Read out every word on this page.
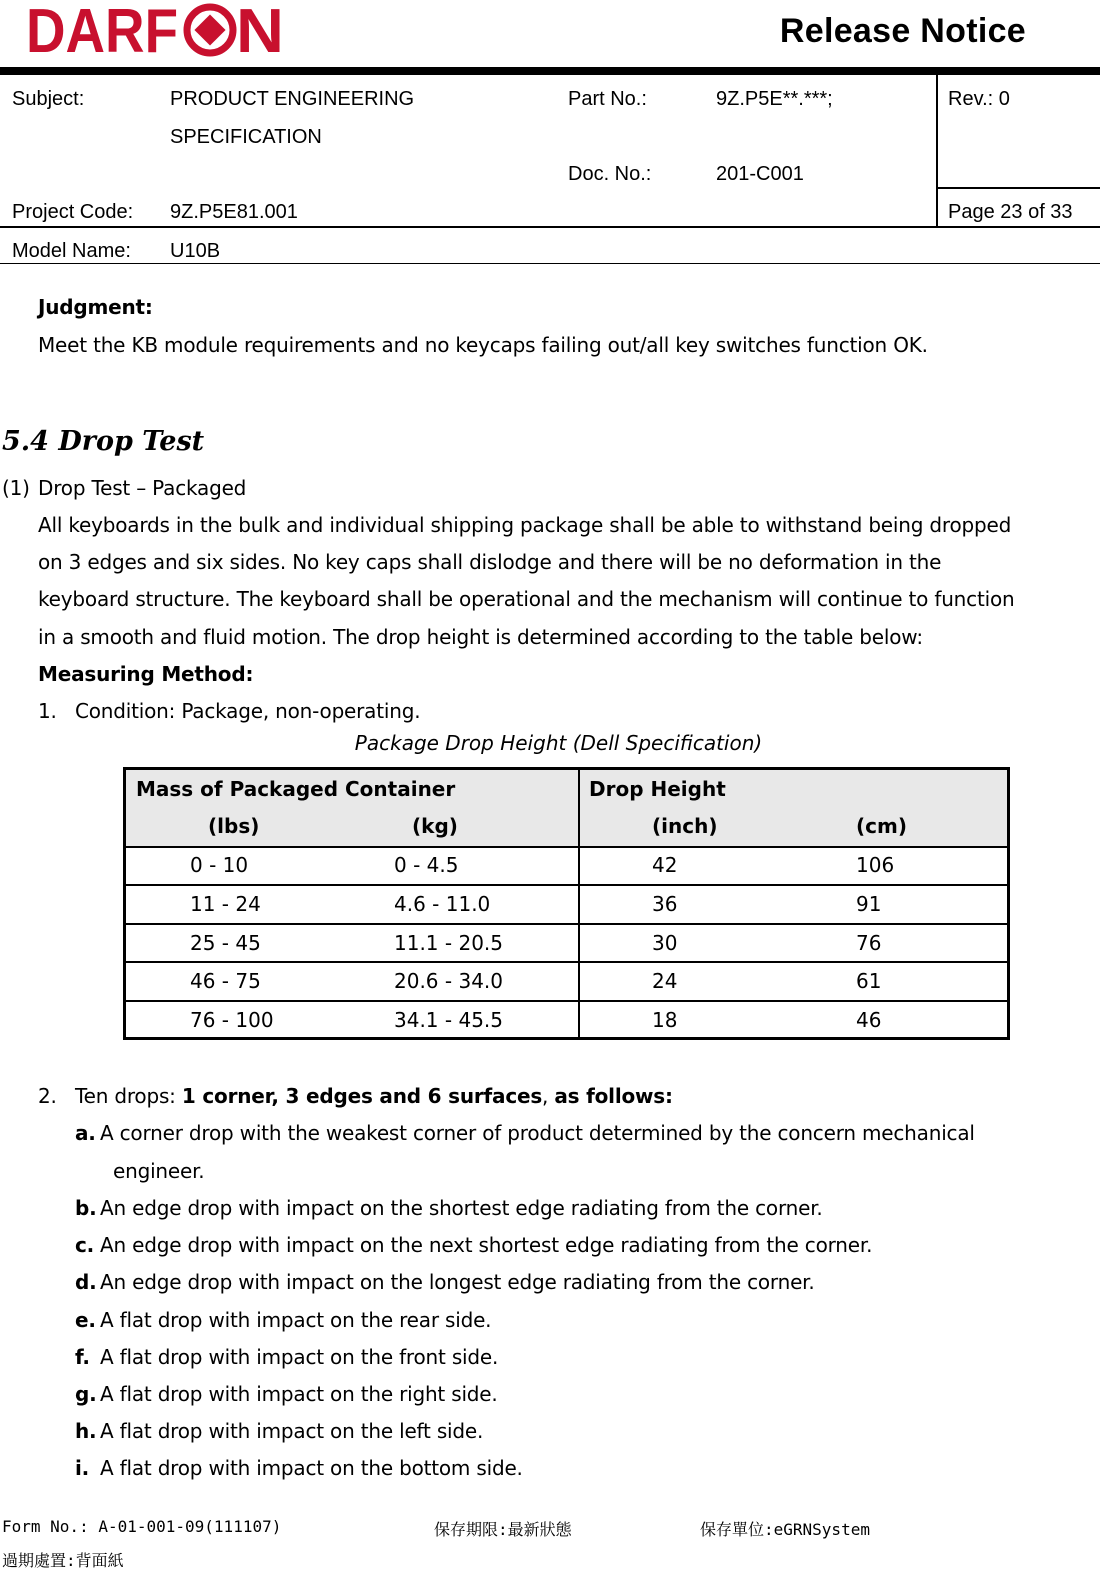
DARF N	Release Notice
Subject:	PRODUCT ENGINEERING
SPECIFICATION
Part No.:	9Z.P5E**.***;	Rev.: 0
Doc. No.:	201-C001
Project Code: 9Z.P5E81.001	Page 23 of 33
Model Name: U10B
Judgment:
Meet the KB module requirements and no keycaps failing out/all key switches function OK.
5.4 Drop Test
(1) Drop Test – Packaged
All keyboards in the bulk and individual shipping package shall be able to withstand being dropped
on 3 edges and six sides. No key caps shall dislodge and there will be no deformation in the
keyboard structure. The keyboard shall be operational and the mechanism will continue to function
in a smooth and fluid motion. The drop height is determined according to the table below:
Measuring Method:
1. Condition: Package, non-operating.
Package Drop Height (Dell Specification)
Mass of Packaged Container	Drop Height
(lbs)	(kg)	(inch)	(cm)
0 - 10	0 - 4.5	42	106
11 - 24	4.6 - 11.0	36	91
25 - 45	11.1 - 20.5	30	76
46 - 75	20.6 - 34.0	24	61
76 - 100	34.1 - 45.5	18	46
2. Ten drops: 1 corner, 3 edges and 6 surfaces, as follows:
a. A corner drop with the weakest corner of product determined by the concern mechanical
engineer.
b. An edge drop with impact on the shortest edge radiating from the corner.
c. An edge drop with impact on the next shortest edge radiating from the corner.
d. An edge drop with impact on the longest edge radiating from the corner.
e. A flat drop with impact on the rear side.
f. A flat drop with impact on the front side.
g. A flat drop with impact on the right side.
h. A flat drop with impact on the left side.
i. A flat drop with impact on the bottom side.
Form No.: A-01-001-09(111107)	保存期限:最新狀態	保存單位:eGRNSystem
過期處置:背面紙
